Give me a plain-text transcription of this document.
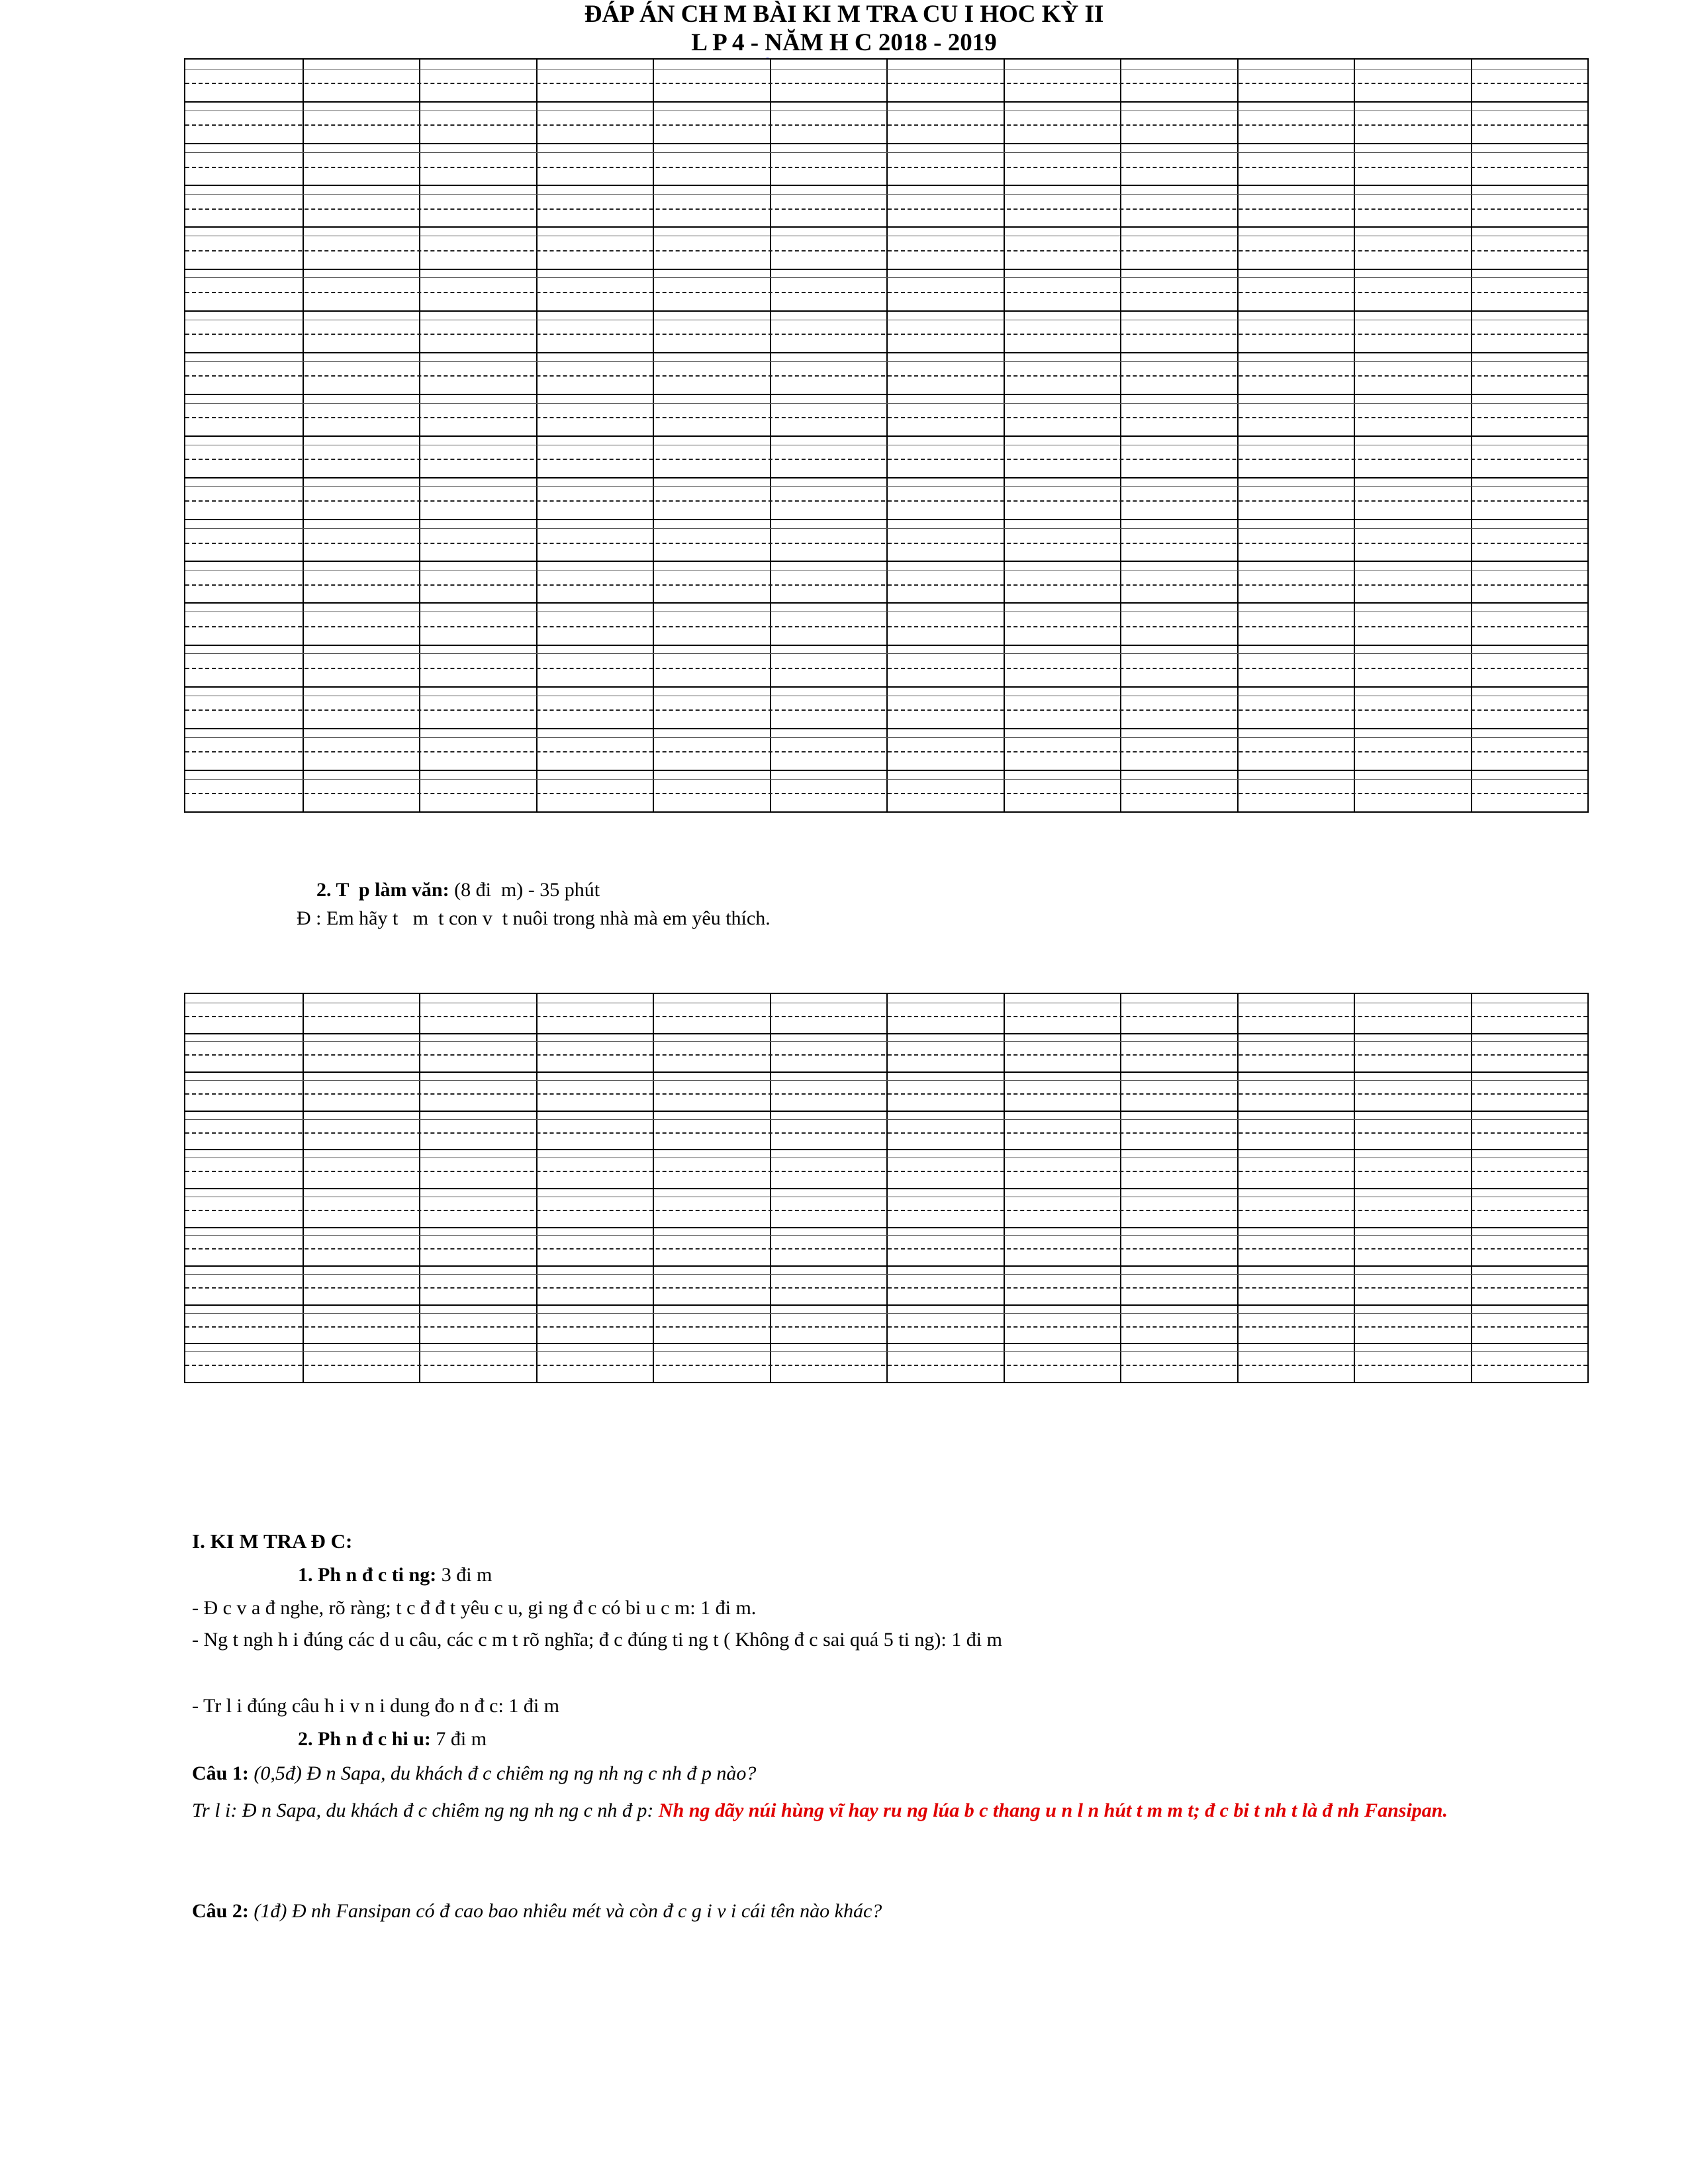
2. T  p làm văn: (8 đi  m) - 35 phút

Đ : Em hãy t   m  t con v  t nuôi trong nhà mà em yêu thích.
ĐÁP ÁN CH M BÀI KI M TRA CU I HOC KỲ II
L P 4 - NĂM H C 2018 - 2019
I. KI M TRA Đ C:
1. Ph n đ c ti ng: 3 đi m
- Đ c v a đ nghe, rõ ràng; t c đ đ t yêu c u, gi ng đ c có bi u c m: 1 đi m.
- Ng t ngh h i đúng các d u câu, các c m t rõ nghĩa; đ c đúng ti ng t ( Không đ c sai quá 5 ti ng): 1 đi m
- Tr l i đúng câu h i v n i dung đo n đ c: 1 đi m
2. Ph n đ c hi u: 7 đi m
Câu 1: (0,5đ) Đ n Sapa, du khách đ c chiêm ng ng nh ng c nh đ p nào?
Tr l i: Đ n Sapa, du khách đ c chiêm ng ng nh ng c nh đ p: Nh ng dãy núi hùng vĩ hay ru ng lúa b c thang u n l n hút t m m t; đ c bi t nh t là đ nh Fansipan.
Câu 2: (1đ) Đ nh Fansipan có đ cao bao nhiêu mét và còn đ c g i v i cái tên nào khác?
